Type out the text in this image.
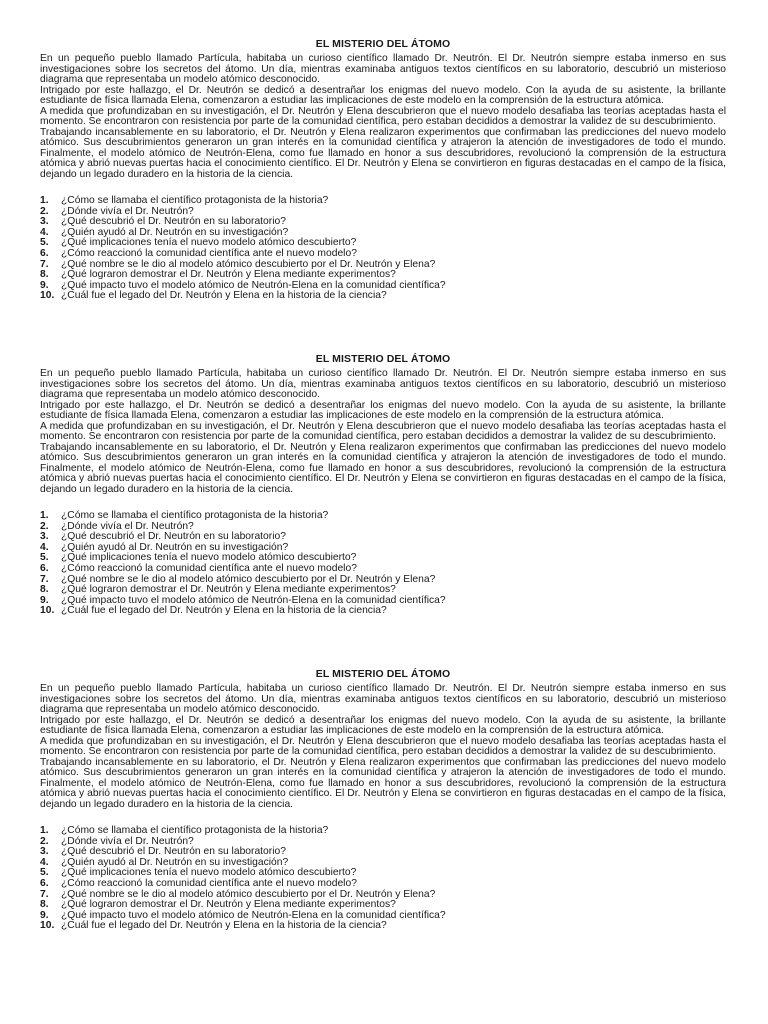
EL MISTERIO DEL ÁTOMO

En un pequeño pueblo llamado Partícula, habitaba un curioso científico llamado Dr. Neutrón. El Dr. Neutrón siempre estaba inmerso en sus investigaciones sobre los secretos del átomo. Un día, mientras examinaba antiguos textos científicos en su laboratorio, descubrió un misterioso diagrama que representaba un modelo atómico desconocido.

Intrigado por este hallazgo, el Dr. Neutrón se dedicó a desentrañar los enigmas del nuevo modelo. Con la ayuda de su asistente, la brillante estudiante de física llamada Elena, comenzaron a estudiar las implicaciones de este modelo en la comprensión de la estructura atómica.

A medida que profundizaban en su investigación, el Dr. Neutrón y Elena descubrieron que el nuevo modelo desafiaba las teorías aceptadas hasta el momento. Se encontraron con resistencia por parte de la comunidad científica, pero estaban decididos a demostrar la validez de su descubrimiento.

Trabajando incansablemente en su laboratorio, el Dr. Neutrón y Elena realizaron experimentos que confirmaban las predicciones del nuevo modelo atómico. Sus descubrimientos generaron un gran interés en la comunidad científica y atrajeron la atención de investigadores de todo el mundo. Finalmente, el modelo atómico de Neutrón-Elena, como fue llamado en honor a sus descubridores, revolucionó la comprensión de la estructura atómica y abrió nuevas puertas hacia el conocimiento científico. El Dr. Neutrón y Elena se convirtieron en figuras destacadas en el campo de la física, dejando un legado duradero en la historia de la ciencia.

1.	¿Cómo se llamaba el científico protagonista de la historia?
2.	¿Dónde vivía el Dr. Neutrón?
3.	¿Qué descubrió el Dr. Neutrón en su laboratorio?
4.	¿Quién ayudó al Dr. Neutrón en su investigación?
5.	¿Qué implicaciones tenía el nuevo modelo atómico descubierto?
6.	¿Cómo reaccionó la comunidad científica ante el nuevo modelo?
7.	¿Qué nombre se le dio al modelo atómico descubierto por el Dr. Neutrón y Elena?
8.	¿Qué lograron demostrar el Dr. Neutrón y Elena mediante experimentos?
9.	¿Qué impacto tuvo el modelo atómico de Neutrón-Elena en la comunidad científica?
10. ¿Cuál fue el legado del Dr. Neutrón y Elena en la historia de la ciencia?
EL MISTERIO DEL ÁTOMO

En un pequeño pueblo llamado Partícula, habitaba un curioso científico llamado Dr. Neutrón. El Dr. Neutrón siempre estaba inmerso en sus investigaciones sobre los secretos del átomo. Un día, mientras examinaba antiguos textos científicos en su laboratorio, descubrió un misterioso diagrama que representaba un modelo atómico desconocido.

Intrigado por este hallazgo, el Dr. Neutrón se dedicó a desentrañar los enigmas del nuevo modelo. Con la ayuda de su asistente, la brillante estudiante de física llamada Elena, comenzaron a estudiar las implicaciones de este modelo en la comprensión de la estructura atómica.

A medida que profundizaban en su investigación, el Dr. Neutrón y Elena descubrieron que el nuevo modelo desafiaba las teorías aceptadas hasta el momento. Se encontraron con resistencia por parte de la comunidad científica, pero estaban decididos a demostrar la validez de su descubrimiento.

Trabajando incansablemente en su laboratorio, el Dr. Neutrón y Elena realizaron experimentos que confirmaban las predicciones del nuevo modelo atómico. Sus descubrimientos generaron un gran interés en la comunidad científica y atrajeron la atención de investigadores de todo el mundo. Finalmente, el modelo atómico de Neutrón-Elena, como fue llamado en honor a sus descubridores, revolucionó la comprensión de la estructura atómica y abrió nuevas puertas hacia el conocimiento científico. El Dr. Neutrón y Elena se convirtieron en figuras destacadas en el campo de la física, dejando un legado duradero en la historia de la ciencia.

1.	¿Cómo se llamaba el científico protagonista de la historia?
2.	¿Dónde vivía el Dr. Neutrón?
3.	¿Qué descubrió el Dr. Neutrón en su laboratorio?
4.	¿Quién ayudó al Dr. Neutrón en su investigación?
5.	¿Qué implicaciones tenía el nuevo modelo atómico descubierto?
6.	¿Cómo reaccionó la comunidad científica ante el nuevo modelo?
7.	¿Qué nombre se le dio al modelo atómico descubierto por el Dr. Neutrón y Elena?
8.	¿Qué lograron demostrar el Dr. Neutrón y Elena mediante experimentos?
9.	¿Qué impacto tuvo el modelo atómico de Neutrón-Elena en la comunidad científica?
10. ¿Cuál fue el legado del Dr. Neutrón y Elena en la historia de la ciencia?
EL MISTERIO DEL ÁTOMO

En un pequeño pueblo llamado Partícula, habitaba un curioso científico llamado Dr. Neutrón. El Dr. Neutrón siempre estaba inmerso en sus investigaciones sobre los secretos del átomo. Un día, mientras examinaba antiguos textos científicos en su laboratorio, descubrió un misterioso diagrama que representaba un modelo atómico desconocido.

Intrigado por este hallazgo, el Dr. Neutrón se dedicó a desentrañar los enigmas del nuevo modelo. Con la ayuda de su asistente, la brillante estudiante de física llamada Elena, comenzaron a estudiar las implicaciones de este modelo en la comprensión de la estructura atómica.

A medida que profundizaban en su investigación, el Dr. Neutrón y Elena descubrieron que el nuevo modelo desafiaba las teorías aceptadas hasta el momento. Se encontraron con resistencia por parte de la comunidad científica, pero estaban decididos a demostrar la validez de su descubrimiento.

Trabajando incansablemente en su laboratorio, el Dr. Neutrón y Elena realizaron experimentos que confirmaban las predicciones del nuevo modelo atómico. Sus descubrimientos generaron un gran interés en la comunidad científica y atrajeron la atención de investigadores de todo el mundo. Finalmente, el modelo atómico de Neutrón-Elena, como fue llamado en honor a sus descubridores, revolucionó la comprensión de la estructura atómica y abrió nuevas puertas hacia el conocimiento científico. El Dr. Neutrón y Elena se convirtieron en figuras destacadas en el campo de la física, dejando un legado duradero en la historia de la ciencia.

1.	¿Cómo se llamaba el científico protagonista de la historia?
2.	¿Dónde vivía el Dr. Neutrón?
3.	¿Qué descubrió el Dr. Neutrón en su laboratorio?
4.	¿Quién ayudó al Dr. Neutrón en su investigación?
5.	¿Qué implicaciones tenía el nuevo modelo atómico descubierto?
6.	¿Cómo reaccionó la comunidad científica ante el nuevo modelo?
7.	¿Qué nombre se le dio al modelo atómico descubierto por el Dr. Neutrón y Elena?
8.	¿Qué lograron demostrar el Dr. Neutrón y Elena mediante experimentos?
9.	¿Qué impacto tuvo el modelo atómico de Neutrón-Elena en la comunidad científica?
10. ¿Cuál fue el legado del Dr. Neutrón y Elena en la historia de la ciencia?
